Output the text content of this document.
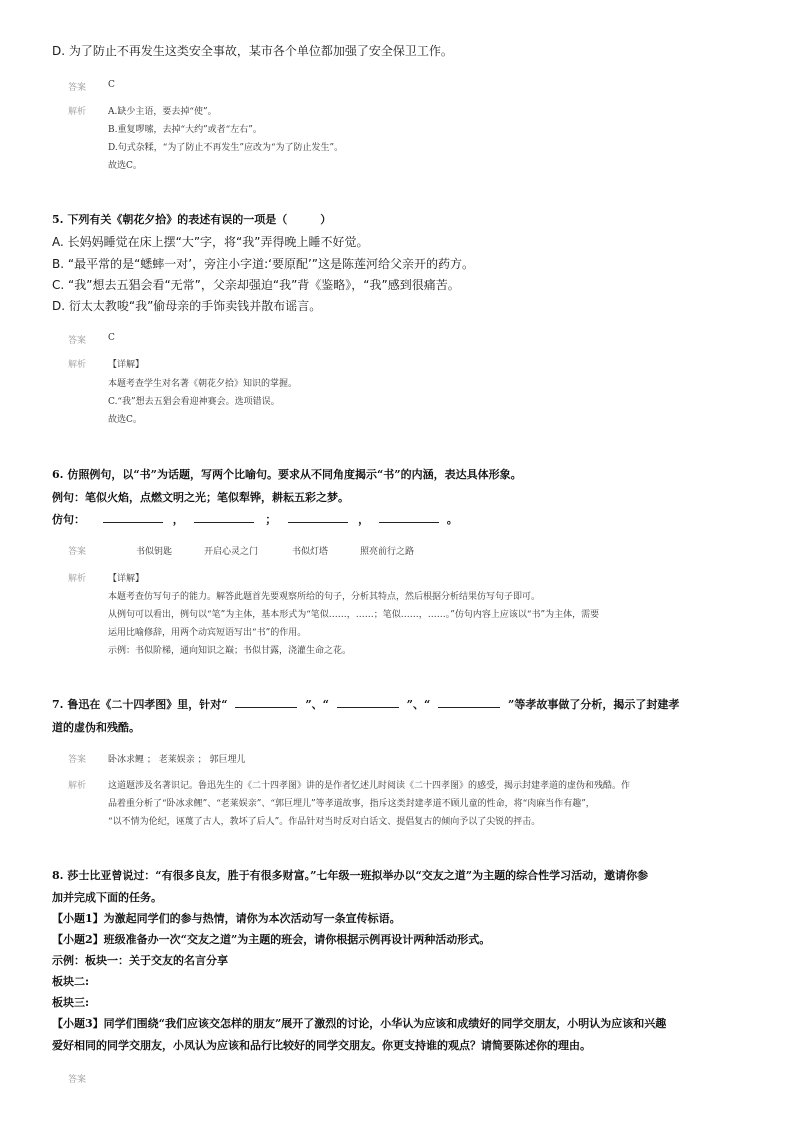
D. 为了防止不再发生这类安全事故，某市各个单位都加强了安全保卫工作。
答案 C
解析 A.缺少主语，要去掉“使”。
B.重复啰嗦，去掉“大约”或者“左右”。
D.句式杂糅，“为了防止不再发生”应改为“为了防止发生”。
故选C。
5. 下列有关《朝花夕拾》的表述有误的一项是（　　　）
A. 长妈妈睡觉在床上摆“大”字，将“我”弄得晚上睡不好觉。
B. “最平常的是“蟋蟀一对’，旁注小字道:‘要原配’”这是陈莲河给父亲开的药方。
C. “我”想去五猖会看“无常”，父亲却强迫“我”背《鉴略》，“我”感到很痛苦。
D. 衍太太教唆“我”偷母亲的手饰卖钱并散布谣言。
答案 C
解析 【详解】
本题考查学生对名著《朝花夕拾》知识的掌握。
C.“我”想去五猖会看迎神赛会。选项错误。
故选C。
6. 仿照例句，以“书”为话题，写两个比喻句。要求从不同角度揭示“书”的内涵，表达具体形象。
例句：笔似火焰，点燃文明之光；笔似犁铧，耕耘五彩之梦。
仿句：	，	；	，	。
答案	书似钥匙	开启心灵之门	书似灯塔	照亮前行之路
解析 【详解】
本题考查仿写句子的能力。解答此题首先要观察所给的句子，分析其特点，然后根据分析结果仿写句子即可。
从例句可以看出，例句以“笔”为主体，基本形式为“笔似……，……；笔似……，……。”仿句内容上应该以“书”为主体，需要
运用比喻修辞，用两个动宾短语写出“书”的作用。
示例：书似阶梯，通向知识之巅；书似甘露，浇灌生命之花。
7. 鲁迅在《二十四孝图》里，针对“	”、“	”、“	”等孝故事做了分析，揭示了封建孝
道的虚伪和残酷。
答案 卧冰求鲤 ； 老莱娱亲 ； 郭巨埋儿
解析 这道题涉及名著识记。鲁迅先生的《二十四孝图》讲的是作者忆述儿时阅读《二十四孝图》的感受，揭示封建孝道的虚伪和残酷。作
品着重分析了“卧冰求鲤”、“老莱娱亲”、“郭巨埋儿”等孝道故事，指斥这类封建孝道不顾儿童的性命，将“肉麻当作有趣”，
“以不情为伦纪，诬蔑了古人，教坏了后人”。作品针对当时反对白话文、提倡复古的倾向予以了尖锐的抨击。
8. 莎士比亚曾说过：“有很多良友，胜于有很多财富。”七年级一班拟举办以“交友之道”为主题的综合性学习活动，邀请你参
加并完成下面的任务。
【小题1】为激起同学们的参与热情，请你为本次活动写一条宣传标语。
【小题2】班级准备办一次“交友之道”为主题的班会，请你根据示例再设计两种活动形式。
示例：板块一：关于交友的名言分享
板块二:
板块三:
【小题3】同学们围绕“我们应该交怎样的朋友”展开了激烈的讨论，小华认为应该和成绩好的同学交朋友，小明认为应该和兴趣
爱好相同的同学交朋友，小凤认为应该和品行比较好的同学交朋友。你更支持谁的观点？请简要陈述你的理由。
答案
